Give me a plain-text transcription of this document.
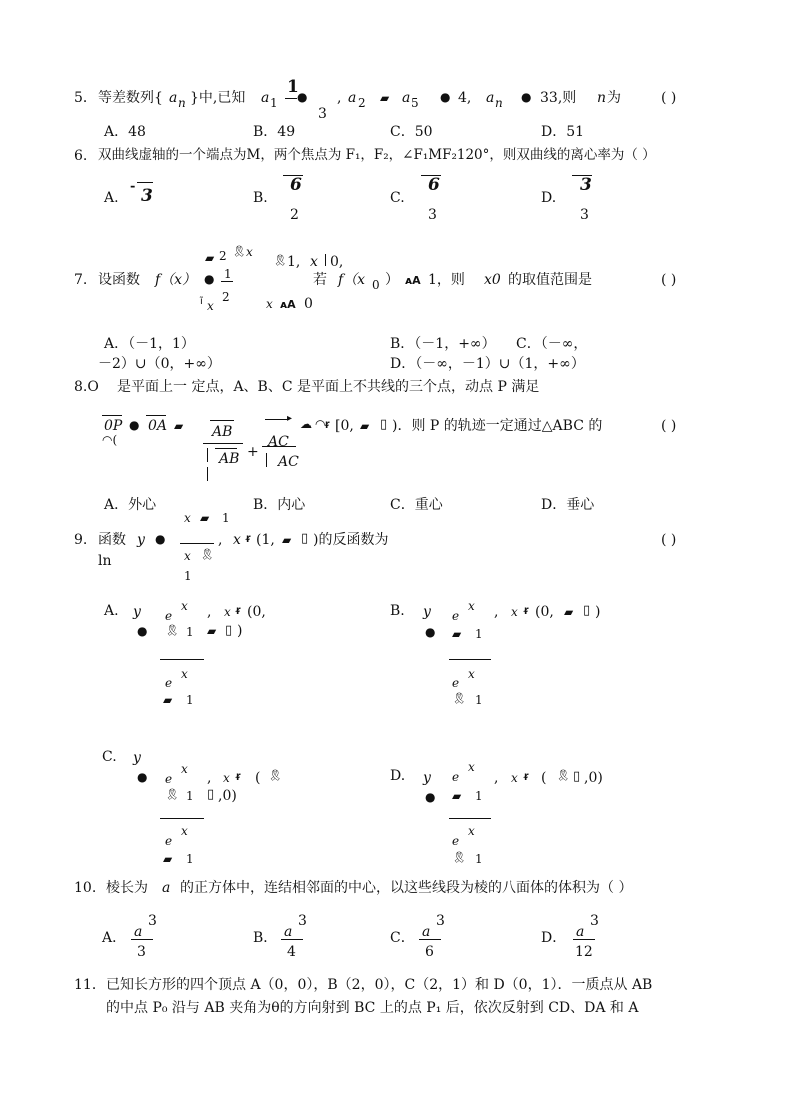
5． 等差数列{ a n }中,已知 a 1
1
●
3
, a 2 ▰ a 5 ● 4, a n ● 33,则 n 为	( )
A．48	B．49	C．50	D．51
6. 双曲线虚轴的一个端点为M，两个焦点为 F₁，F₂，∠F₁MF₂120°，则双曲线的离心率为（ ）
A.
- 3	B.
6
2
C.
6
3
D.
3
3
▰ 2 🎗 x
🎗 1, x 0,
7. 设函数 f（x） ● 1	若 f（x 0 ） ᴀA 1，则 x0 的取值范围是	( )
ĩ x
2	x ᴀA 0
A．（－1，1）	B．（－1，+∞） C．（－∞，
－2）∪（0，+∞）	D．（－∞，－1）∪（1，+∞）
8.O 是平面上一 定点，A、B、C 是平面上不共线的三个点，动点 P 满足
0P ● 0A ▰
◠(	AB
AB +
▸
AC
AC
☁ ◠ ᵲ [0, ▰ ▯ )．则 P 的轨迹一定通过△ABC 的	( )
A．外心	B．内心	C．重心	D．垂心
x ▰ 1
9. 函数 y ●	, x ᵲ (1, ▰ ▯ )的反函数为	( )
x 🎗
ln
1
A. y e
x , x ᵲ (0,
● 🎗 1 ▰ ▯ )
e
x
▰ 1
B. y e
x , x ᵲ (0, ▰ ▯ )
● ▰ 1
e
x
🎗 1
C. y
e
x
●	, x ᵲ ( 🎗
🎗 1 ▯ ,0)
e
x
▰ 1
D. y e
x
, x ᵲ ( 🎗 ▯ ,0)
● ▰ 1
e
x
🎗 1
10. 棱长为 a 的正方体中，连结相邻面的中心，以这些线段为棱的八面体的体积为（ ）
A． a
3
3
B． a
3
4
C． a
3
6
D． a
3
12
11． 已知长方形的四个顶点 A（0，0），B（2，0），C（2，1）和 D（0，1）．一质点从 AB
的中点 P₀ 沿与 AB 夹角为θ的方向射到 BC 上的点 P₁ 后，依次反射到 CD、DA 和 A
